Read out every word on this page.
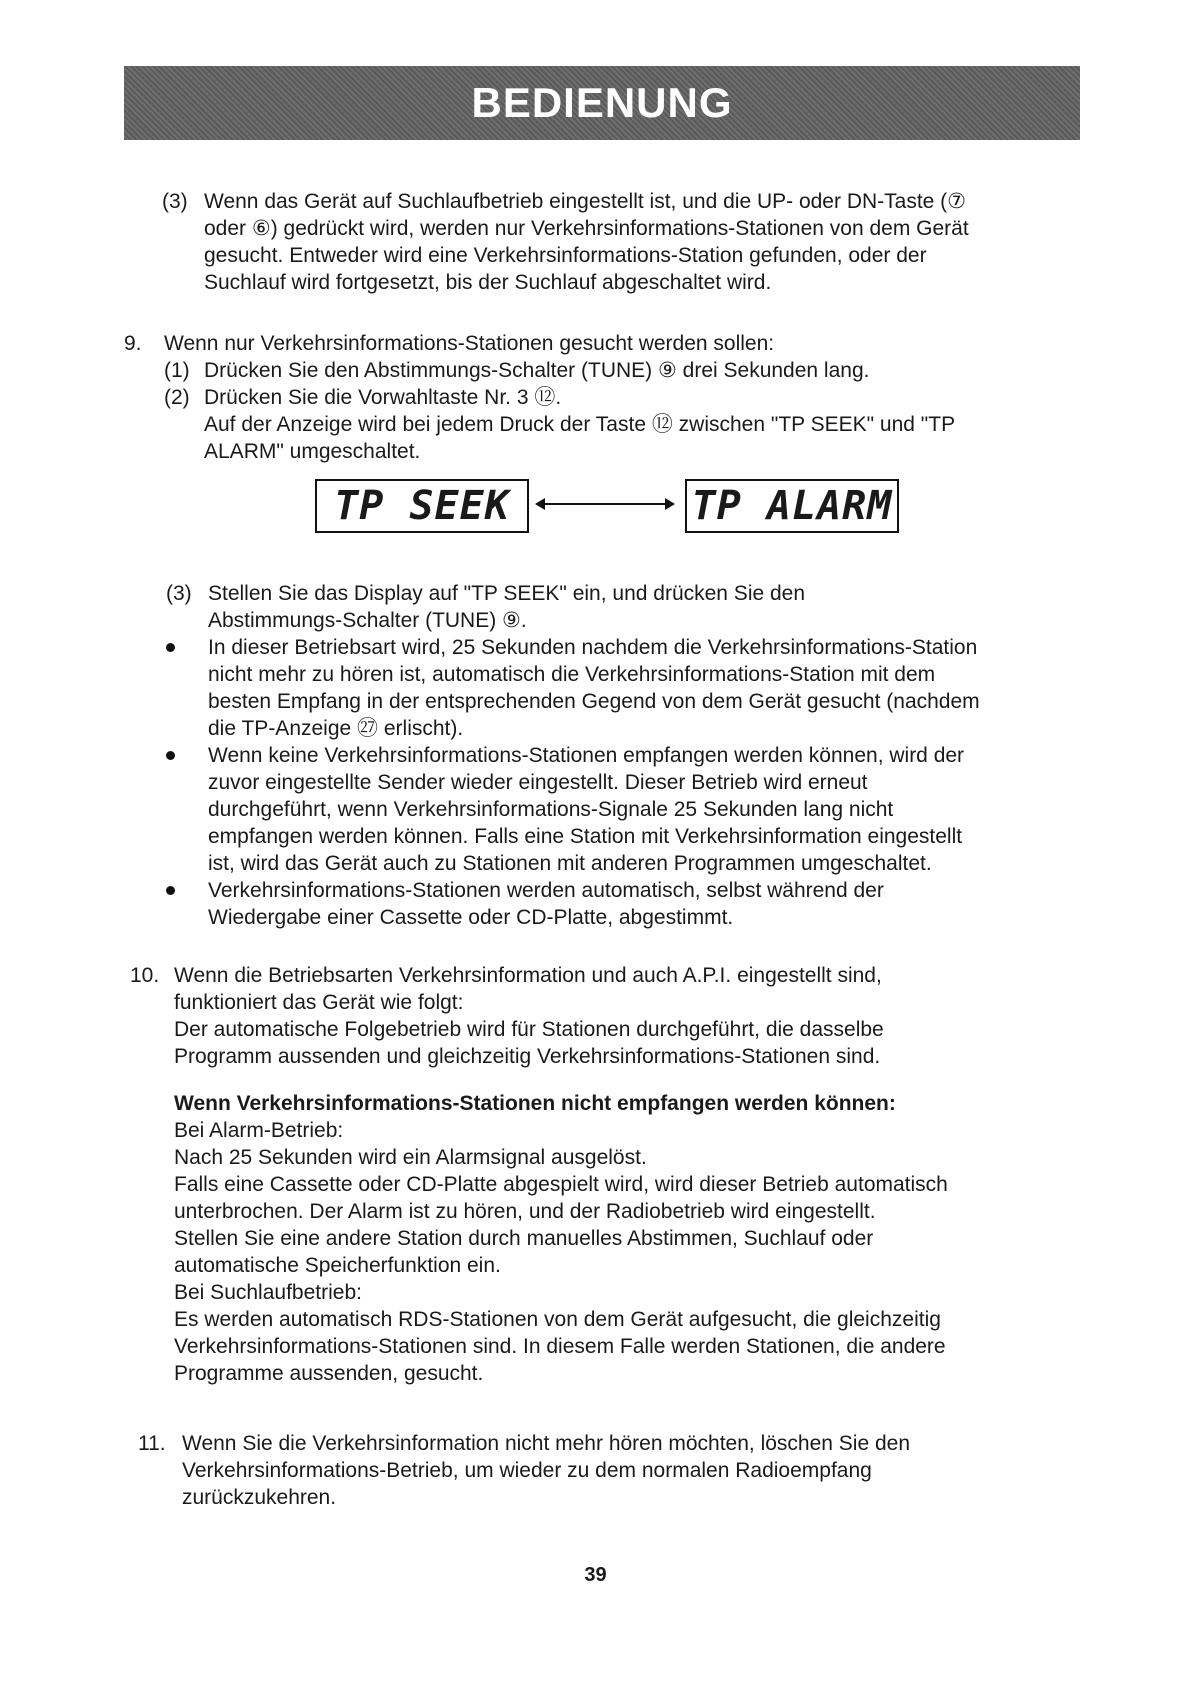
BEDIENUNG
(3) Wenn das Gerät auf Suchlaufbetrieb eingestellt ist, und die UP- oder DN-Taste (⑦
oder ⑥) gedrückt wird, werden nur Verkehrsinformations-Stationen von dem Gerät
gesucht. Entweder wird eine Verkehrsinformations-Station gefunden, oder der
Suchlauf wird fortgesetzt, bis der Suchlauf abgeschaltet wird.
9. Wenn nur Verkehrsinformations-Stationen gesucht werden sollen:
(1) Drücken Sie den Abstimmungs-Schalter (TUNE) ⑨ drei Sekunden lang.
(2) Drücken Sie die Vorwahltaste Nr. 3 ⑫.
Auf der Anzeige wird bei jedem Druck der Taste ⑫ zwischen "TP SEEK" und "TP
ALARM" umgeschaltet.
TP SEEK	TP ALARM
(3) Stellen Sie das Display auf "TP SEEK" ein, und drücken Sie den
Abstimmungs-Schalter (TUNE) ⑨.
In dieser Betriebsart wird, 25 Sekunden nachdem die Verkehrsinformations-Station
nicht mehr zu hören ist, automatisch die Verkehrsinformations-Station mit dem
besten Empfang in der entsprechenden Gegend von dem Gerät gesucht (nachdem
die TP-Anzeige ㉗ erlischt).
Wenn keine Verkehrsinformations-Stationen empfangen werden können, wird der
zuvor eingestellte Sender wieder eingestellt. Dieser Betrieb wird erneut
durchgeführt, wenn Verkehrsinformations-Signale 25 Sekunden lang nicht
empfangen werden können. Falls eine Station mit Verkehrsinformation eingestellt
ist, wird das Gerät auch zu Stationen mit anderen Programmen umgeschaltet.
Verkehrsinformations-Stationen werden automatisch, selbst während der
Wiedergabe einer Cassette oder CD-Platte, abgestimmt.
10. Wenn die Betriebsarten Verkehrsinformation und auch A.P.I. eingestellt sind,
funktioniert das Gerät wie folgt:
Der automatische Folgebetrieb wird für Stationen durchgeführt, die dasselbe
Programm aussenden und gleichzeitig Verkehrsinformations-Stationen sind.
Wenn Verkehrsinformations-Stationen nicht empfangen werden können:
Bei Alarm-Betrieb:
Nach 25 Sekunden wird ein Alarmsignal ausgelöst.
Falls eine Cassette oder CD-Platte abgespielt wird, wird dieser Betrieb automatisch
unterbrochen. Der Alarm ist zu hören, und der Radiobetrieb wird eingestellt.
Stellen Sie eine andere Station durch manuelles Abstimmen, Suchlauf oder
automatische Speicherfunktion ein.
Bei Suchlaufbetrieb:
Es werden automatisch RDS-Stationen von dem Gerät aufgesucht, die gleichzeitig
Verkehrsinformations-Stationen sind. In diesem Falle werden Stationen, die andere
Programme aussenden, gesucht.
11. Wenn Sie die Verkehrsinformation nicht mehr hören möchten, löschen Sie den
Verkehrsinformations-Betrieb, um wieder zu dem normalen Radioempfang
zurückzukehren.
39
